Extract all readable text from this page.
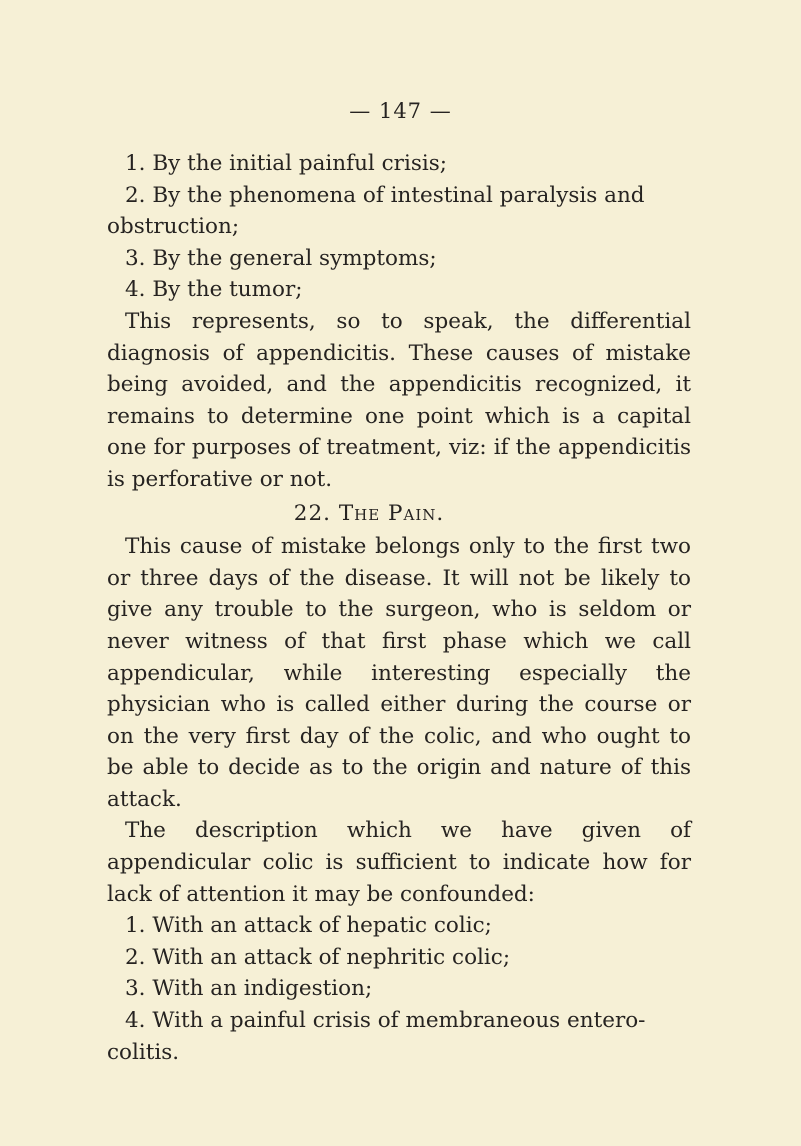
— 147 —

1. By the initial painful crisis;

2. By the phenomena of intestinal paralysis and obstruction;

3. By the general symptoms;

4. By the tumor;

This represents, so to speak, the differential diagnosis of appendicitis. These causes of mistake being avoided, and the appendicitis recognized, it remains to determine one point which is a capital one for purposes of treatment, viz: if the appendicitis is perforative or not.

22. The Pain.

This cause of mistake belongs only to the first two or three days of the disease. It will not be likely to give any trouble to the surgeon, who is seldom or never witness of that first phase which we call appendicular, while interesting especially the physician who is called either during the course or on the very first day of the colic, and who ought to be able to decide as to the origin and nature of this attack.

The description which we have given of appendicular colic is sufficient to indicate how for lack of attention it may be confounded:

1. With an attack of hepatic colic;

2. With an attack of nephritic colic;

3. With an indigestion;

4. With a painful crisis of membraneous entero-colitis.
